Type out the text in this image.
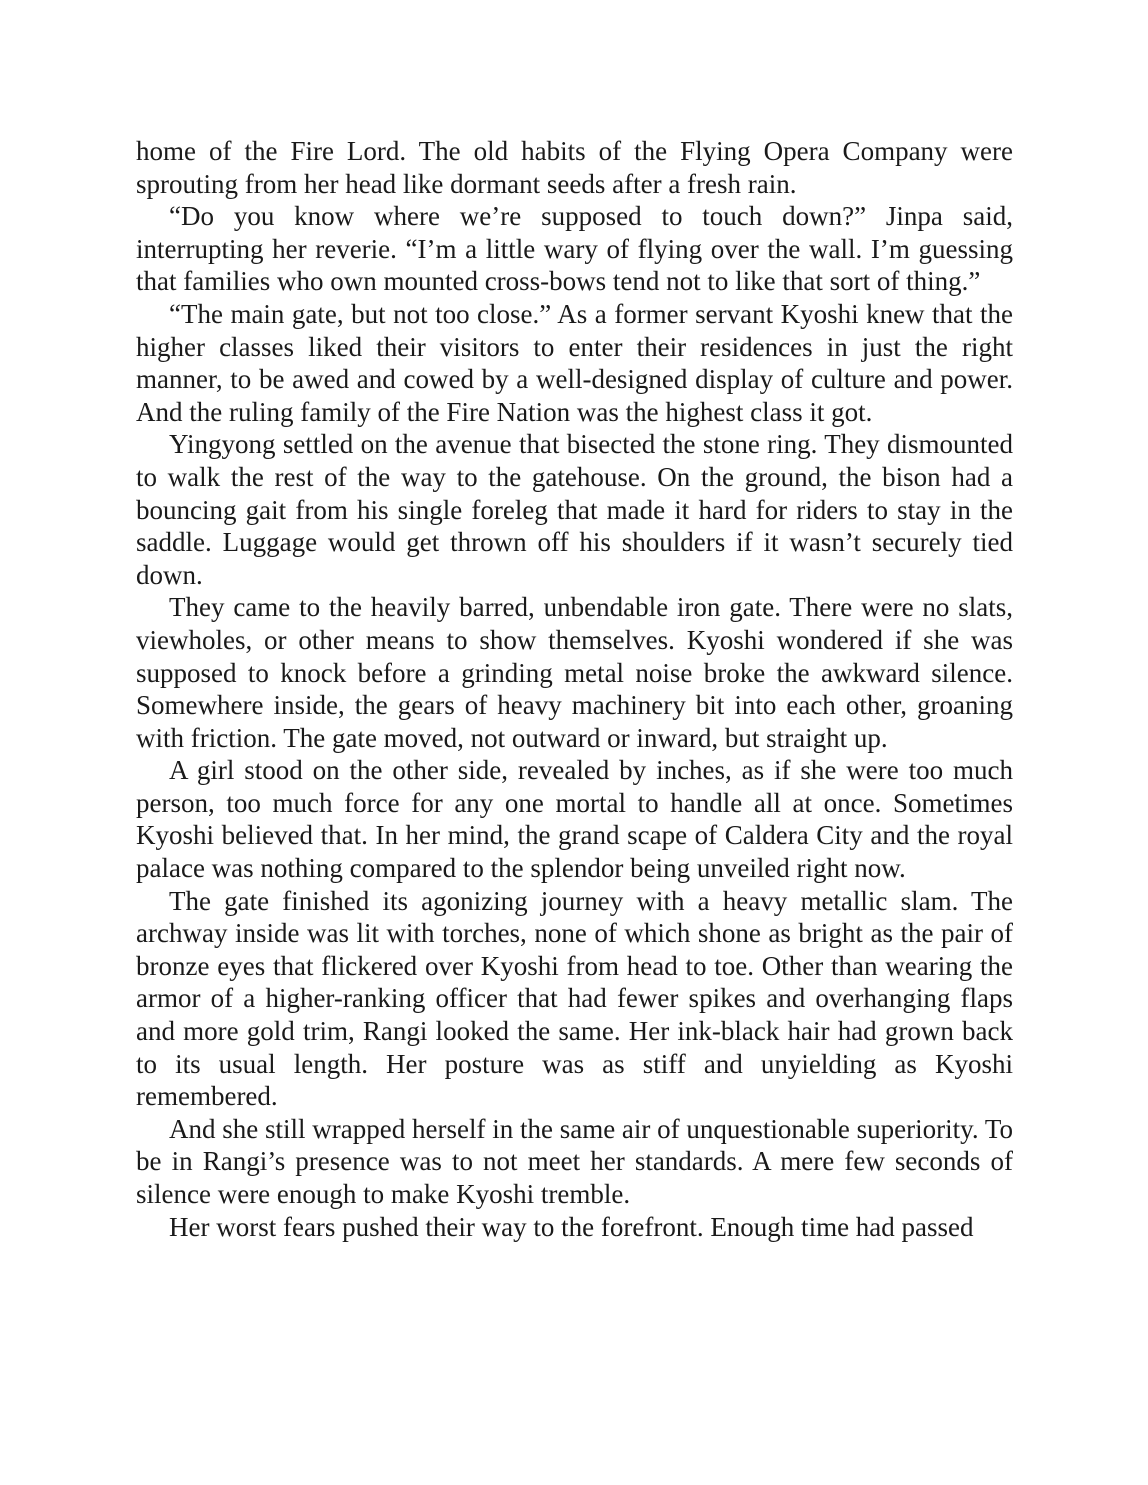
home of the Fire Lord. The old habits of the Flying Opera Company were sprouting from her head like dormant seeds after a fresh rain.

“Do you know where we’re supposed to touch down?” Jinpa said, interrupting her reverie. “I’m a little wary of flying over the wall. I’m guessing that families who own mounted cross-bows tend not to like that sort of thing.”

“The main gate, but not too close.” As a former servant Kyoshi knew that the higher classes liked their visitors to enter their residences in just the right manner, to be awed and cowed by a well-designed display of culture and power. And the ruling family of the Fire Nation was the highest class it got.

Yingyong settled on the avenue that bisected the stone ring. They dismounted to walk the rest of the way to the gatehouse. On the ground, the bison had a bouncing gait from his single foreleg that made it hard for riders to stay in the saddle. Luggage would get thrown off his shoulders if it wasn’t securely tied down.

They came to the heavily barred, unbendable iron gate. There were no slats, viewholes, or other means to show themselves. Kyoshi wondered if she was supposed to knock before a grinding metal noise broke the awkward silence. Somewhere inside, the gears of heavy machinery bit into each other, groaning with friction. The gate moved, not outward or inward, but straight up.

A girl stood on the other side, revealed by inches, as if she were too much person, too much force for any one mortal to handle all at once. Sometimes Kyoshi believed that. In her mind, the grand scape of Caldera City and the royal palace was nothing compared to the splendor being unveiled right now.

The gate finished its agonizing journey with a heavy metallic slam. The archway inside was lit with torches, none of which shone as bright as the pair of bronze eyes that flickered over Kyoshi from head to toe. Other than wearing the armor of a higher-ranking officer that had fewer spikes and overhanging flaps and more gold trim, Rangi looked the same. Her ink-black hair had grown back to its usual length. Her posture was as stiff and unyielding as Kyoshi remembered.

And she still wrapped herself in the same air of unquestionable superiority. To be in Rangi’s presence was to not meet her standards. A mere few seconds of silence were enough to make Kyoshi tremble.

Her worst fears pushed their way to the forefront. Enough time had passed
